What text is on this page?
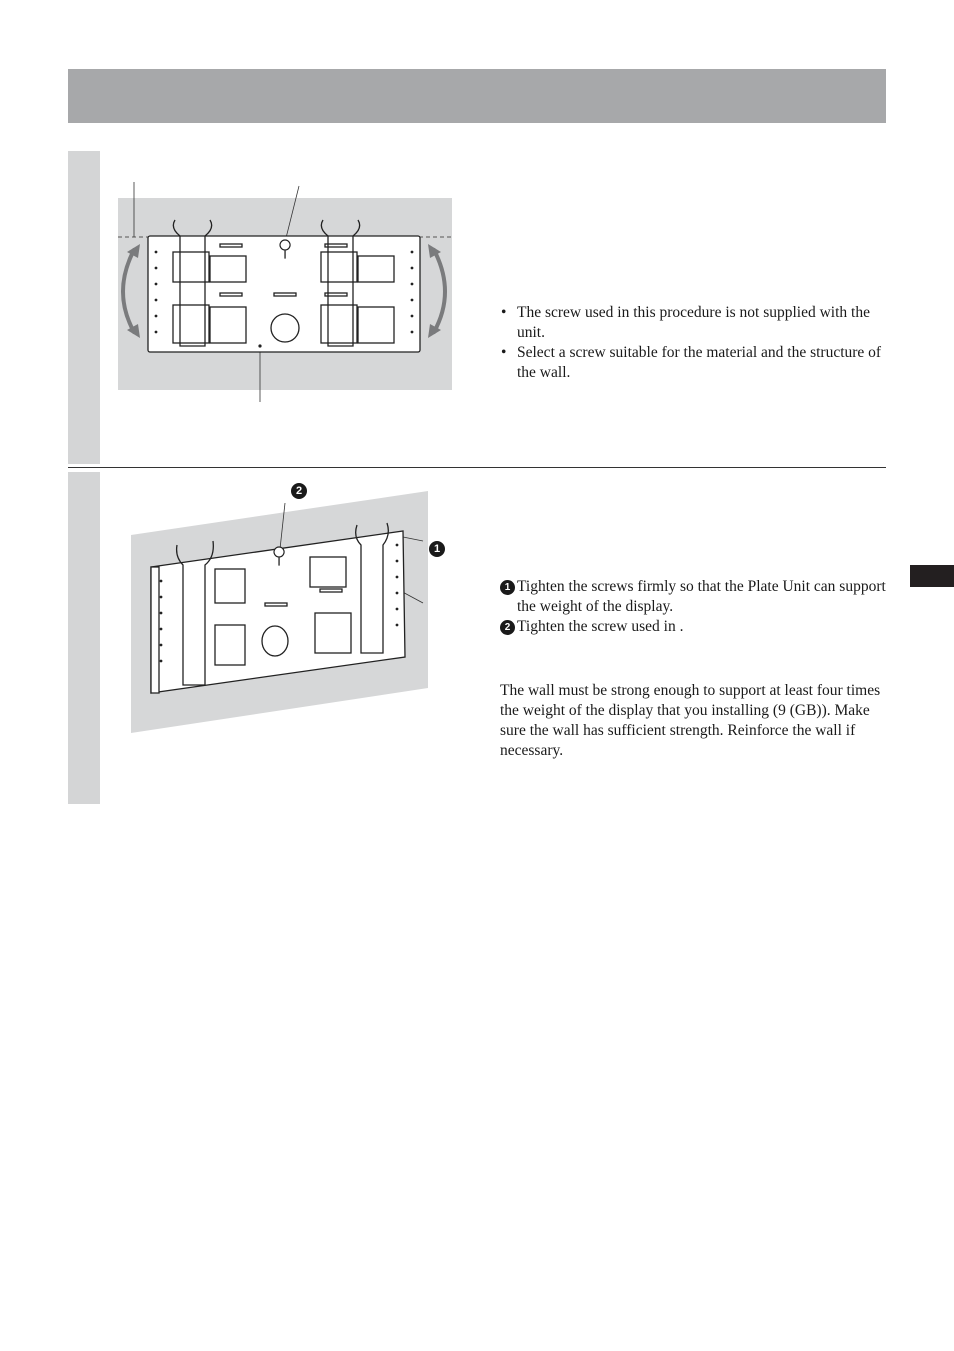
2
1
• The screw used in this procedure is not supplied with the unit.
• Select a screw suitable for the material and the structure of the wall.
1 Tighten the screws firmly so that the Plate Unit can support the weight of the display.
2 Tighten the screw used in .
The wall must be strong enough to support at least four times the weight of the display that you installing (9 (GB)). Make sure the wall has sufficient strength. Reinforce the wall if necessary.
